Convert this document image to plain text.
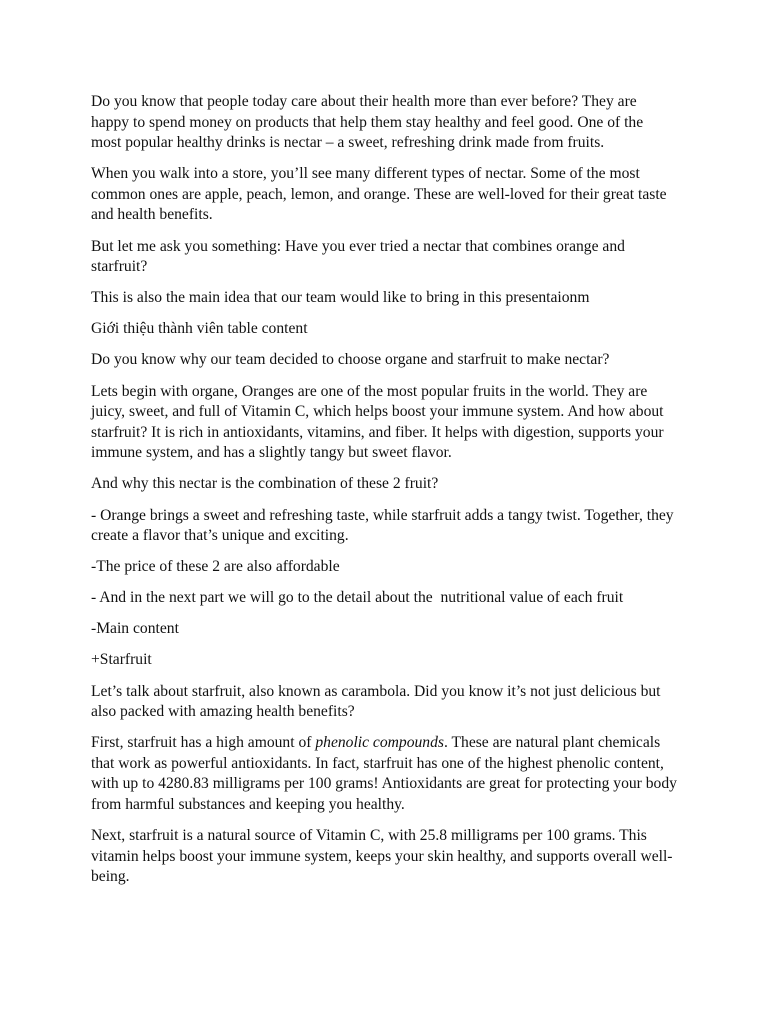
Do you know that people today care about their health more than ever before? They are happy to spend money on products that help them stay healthy and feel good. One of the most popular healthy drinks is nectar – a sweet, refreshing drink made from fruits.

When you walk into a store, you’ll see many different types of nectar. Some of the most common ones are apple, peach, lemon, and orange. These are well-loved for their great taste and health benefits.

But let me ask you something: Have you ever tried a nectar that combines orange and starfruit?

This is also the main idea that our team would like to bring in this presentaionm

Giới thiệu thành viên table content

Do you know why our team decided to choose organe and starfruit to make nectar?

Lets begin with organe, Oranges are one of the most popular fruits in the world. They are juicy, sweet, and full of Vitamin C, which helps boost your immune system. And how about starfruit? It is rich in antioxidants, vitamins, and fiber. It helps with digestion, supports your immune system, and has a slightly tangy but sweet flavor.

And why this nectar is the combination of these 2 fruit?

- Orange brings a sweet and refreshing taste, while starfruit adds a tangy twist. Together, they create a flavor that’s unique and exciting.

-The price of these 2 are also affordable

- And in the next part we will go to the detail about the  nutritional value of each fruit

-Main content

+Starfruit

Let’s talk about starfruit, also known as carambola. Did you know it’s not just delicious but also packed with amazing health benefits?

First, starfruit has a high amount of phenolic compounds. These are natural plant chemicals that work as powerful antioxidants. In fact, starfruit has one of the highest phenolic content, with up to 4280.83 milligrams per 100 grams! Antioxidants are great for protecting your body from harmful substances and keeping you healthy.

Next, starfruit is a natural source of Vitamin C, with 25.8 milligrams per 100 grams. This vitamin helps boost your immune system, keeps your skin healthy, and supports overall well-being.
